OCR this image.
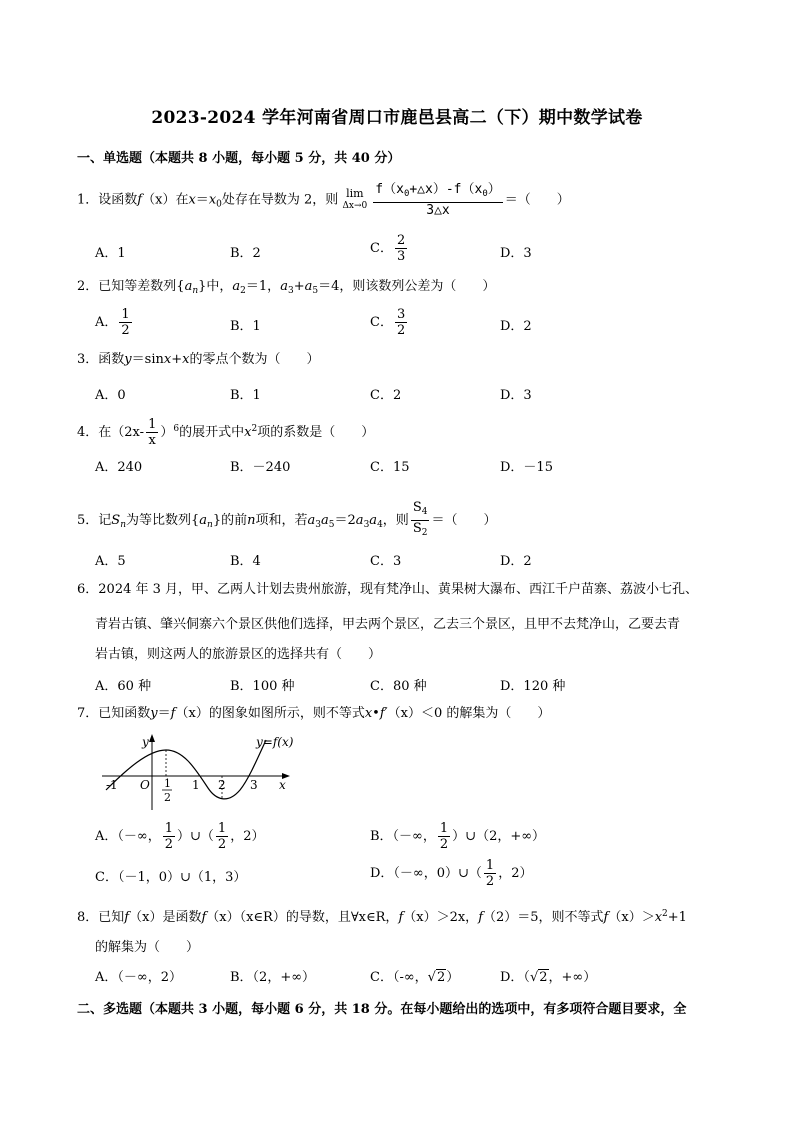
2023-2024 学年河南省周口市鹿邑县高二（下）期中数学试卷
一、单选题（本题共 8 小题，每小题 5 分，共 40 分）
1．设函数f（x）在$x=x_0$处存在导数为 2，则 lim
$\Delta x\to 0 \frac{f(x_0+\triangle x)-f(x_0)}{3\triangle x}$ ＝（　　）
A．1	B．2	C． $\frac{2}{3}$	D．3
2．已知等差数列$\{a_n\}$中，$a_2=1$，$a_3+a_5=4$，则该数列公差为（　　）
A． $\frac{1}{2}$	B．1	C． $\frac{3}{2}$	D．2
3．函数y＝sinx+x的零点个数为（　　）
A．0	B．1	C．2	D．3
4．在$(2x- \frac{1}{x} )^6$的展开式中$x^2$项的系数是（　　）
A．240	B．－240	C．15	D．－15
5．记$S_n$为等比数列$\{a_n\}$的前n项和，若$a_3a_5=2a_3a_4$，则 $\frac{S_4}{S_2}$ ＝（　　）
A．5	B．4	C．3	D．2
6．2024 年 3 月，甲、乙两人计划去贵州旅游，现有梵净山、黄果树大瀑布、西江千户苗寨、荔波小七孔、
青岩古镇、肇兴侗寨六个景区供他们选择，甲去两个景区，乙去三个景区，且甲不去梵净山，乙要去青
岩古镇，则这两人的旅游景区的选择共有（　　）
A．60 种	B．100 种	C．80 种	D．120 种
7．已知函数y＝f（x）的图象如图所示，则不等式x•f′（x）＜0 的解集为（　　）
y
x
y=f(x)
O
-1	1 2 3
1
2
A．（－∞， $\frac{1}{2}$ ）∪（ $\frac{1}{2}$ ，2）	B．（－∞， $\frac{1}{2}$ ）∪（2，+∞）
C．（－1，0）∪（1，3）	D．（－∞，0）∪（ $\frac{1}{2}$ ，2）
8．已知f（x）是函数f（x）（x∈R）的导数，且∀x∈R，f（x）＞2x，f（2）＝5，则不等式$f(x)>x^2+1$
的解集为（　　）
A．（－∞，2）	B．（2，+∞）	C．（-∞，√2）	D．（√2，+∞）
二、多选题（本题共 3 小题，每小题 6 分，共 18 分。在每小题给出的选项中，有多项符合题目要求，全
